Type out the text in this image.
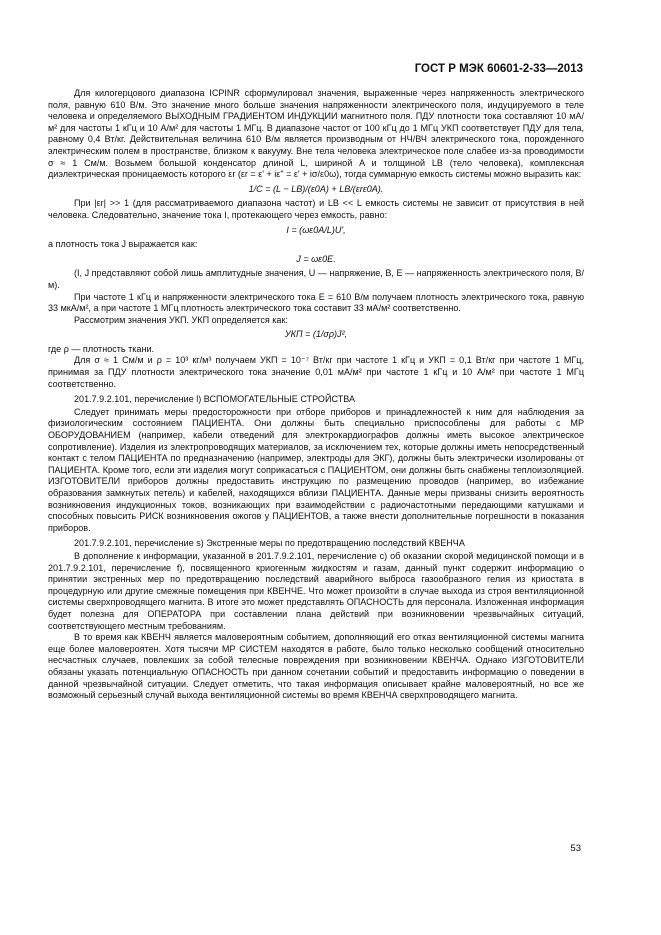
ГОСТ Р МЭК 60601-2-33—2013

Для килогерцового диапазона ICPINR сформулировал значения, выраженные через напряженность электрического поля, равную 610 В/м. Это значение много больше значения напряженности электрического поля, индуцируемого в теле человека и определяемого ВЫХОДНЫМ ГРАДИЕНТОМ ИНДУКЦИИ магнитного поля. ПДУ плотности тока составляют 10 мА/м² для частоты 1 кГц и 10 А/м² для частоты 1 МГц. В диапазоне частот от 100 кГц до 1 МГц УКП соответствует ПДУ для тела, равному 0,4 Вт/кг. Действительная величина 610 В/м является производным от НЧ/ВЧ электрического тока, порожденного электрическим полем в пространстве, близком к вакууму. Вне тела человека электрическое поле слабее из-за проводимости σ ≈ 1 См/м. Возьмем большой конденсатор длиной L, шириной A и толщиной LB (тело человека), комплексная диэлектрическая проницаемость которого εr (εr = ε' + iε" = ε' + iσ/ε0ω), тогда суммарную емкость системы можно выразить как:

1/C = (L − LB)/(ε0A) + LB/(εrε0A).

При |εr| >> 1 (для рассматриваемого диапазона частот) и LB << L емкость системы не зависит от присутствия в ней человека. Следовательно, значение тока I, протекающего через емкость, равно:

I = (ωε0A/L)U',

а плотность тока J выражается как:

J = ωε0E.

(I, J представляют собой лишь амплитудные значения, U — напряжение, В, E — напряженность электрического поля, В/м).

При частоте 1 кГц и напряженности электрического тока E = 610 В/м получаем плотность электрического тока, равную 33 мкА/м², а при частоте 1 МГц плотность электрического тока составит 33 мА/м² соответственно.

Рассмотрим значения УКП. УКП определяется как:

УКП = (1/σρ)J²,

где ρ — плотность ткани.

Для σ ≈ 1 См/м и ρ = 10³ кг/м³ получаем УКП = 10⁻⁷ Вт/кг при частоте 1 кГц и УКП = 0,1 Вт/кг при частоте 1 МГц, принимая за ПДУ плотности электрического тока значение 0,01 мА/м² при частоте 1 кГц и 10 А/м² при частоте 1 МГц соответственно.

201.7.9.2.101, перечисление l) ВСПОМОГАТЕЛЬНЫЕ СТРОЙСТВА

Следует принимать меры предосторожности при отборе приборов и принадлежностей к ним для наблюдения за физиологическим состоянием ПАЦИЕНТА. Они должны быть специально приспособлены для работы с МР ОБОРУДОВАНИЕМ (например, кабели отведений для электрокардиографов должны иметь высокое электрическое сопротивление). Изделия из электропроводящих материалов, за исключением тех, которые должны иметь непосредственный контакт с телом ПАЦИЕНТА по предназначению (например, электроды для ЭКГ), должны быть электрически изолированы от ПАЦИЕНТА. Кроме того, если эти изделия могут соприкасаться с ПАЦИЕНТОМ, они должны быть снабжены теплоизоляцией. ИЗГОТОВИТЕЛИ приборов должны предоставить инструкцию по размещению проводов (например, во избежание образования замкнутых петель) и кабелей, находящихся вблизи ПАЦИЕНТА. Данные меры призваны снизить вероятность возникновения индукционных токов, возникающих при взаимодействии с радиочастотными передающими катушками и способных повысить РИСК возникновения ожогов у ПАЦИЕНТОВ, а также внести дополнительные погрешности в показания приборов.

201.7.9.2.101, перечисление s) Экстренные меры по предотвращению последствий КВЕНЧА

В дополнение к информации, указанной в 201.7.9.2.101, перечисление c) об оказании скорой медицинской помощи и в 201.7.9.2.101, перечисление f), посвященного криогенным жидкостям и газам, данный пункт содержит информацию о принятии экстренных мер по предотвращению последствий аварийного выброса газообразного гелия из криостата в процедурную или другие смежные помещения при КВЕНЧЕ. Что может произойти в случае выхода из строя вентиляционной системы сверхпроводящего магнита. В итоге это может представлять ОПАСНОСТЬ для персонала. Изложенная информация будет полезна для ОПЕРАТОРА при составлении плана действий при возникновении чрезвычайных ситуаций, соответствующего местным требованиям.

В то время как КВЕНЧ является маловероятным событием, дополняющий его отказ вентиляционной системы магнита еще более маловероятен. Хотя тысячи МР СИСТЕМ находятся в работе, было только несколько сообщений относительно несчастных случаев, повлекших за собой телесные повреждения при возникновении КВЕНЧА. Однако ИЗГОТОВИТЕЛИ обязаны указать потенциальную ОПАСНОСТЬ при данном сочетании событий и предоставить информацию о поведении в данной чрезвычайной ситуации. Следует отметить, что такая информация описывает крайне маловероятный, но все же возможный серьезный случай выхода вентиляционной системы во время КВЕНЧА сверхпроводящего магнита.

53
